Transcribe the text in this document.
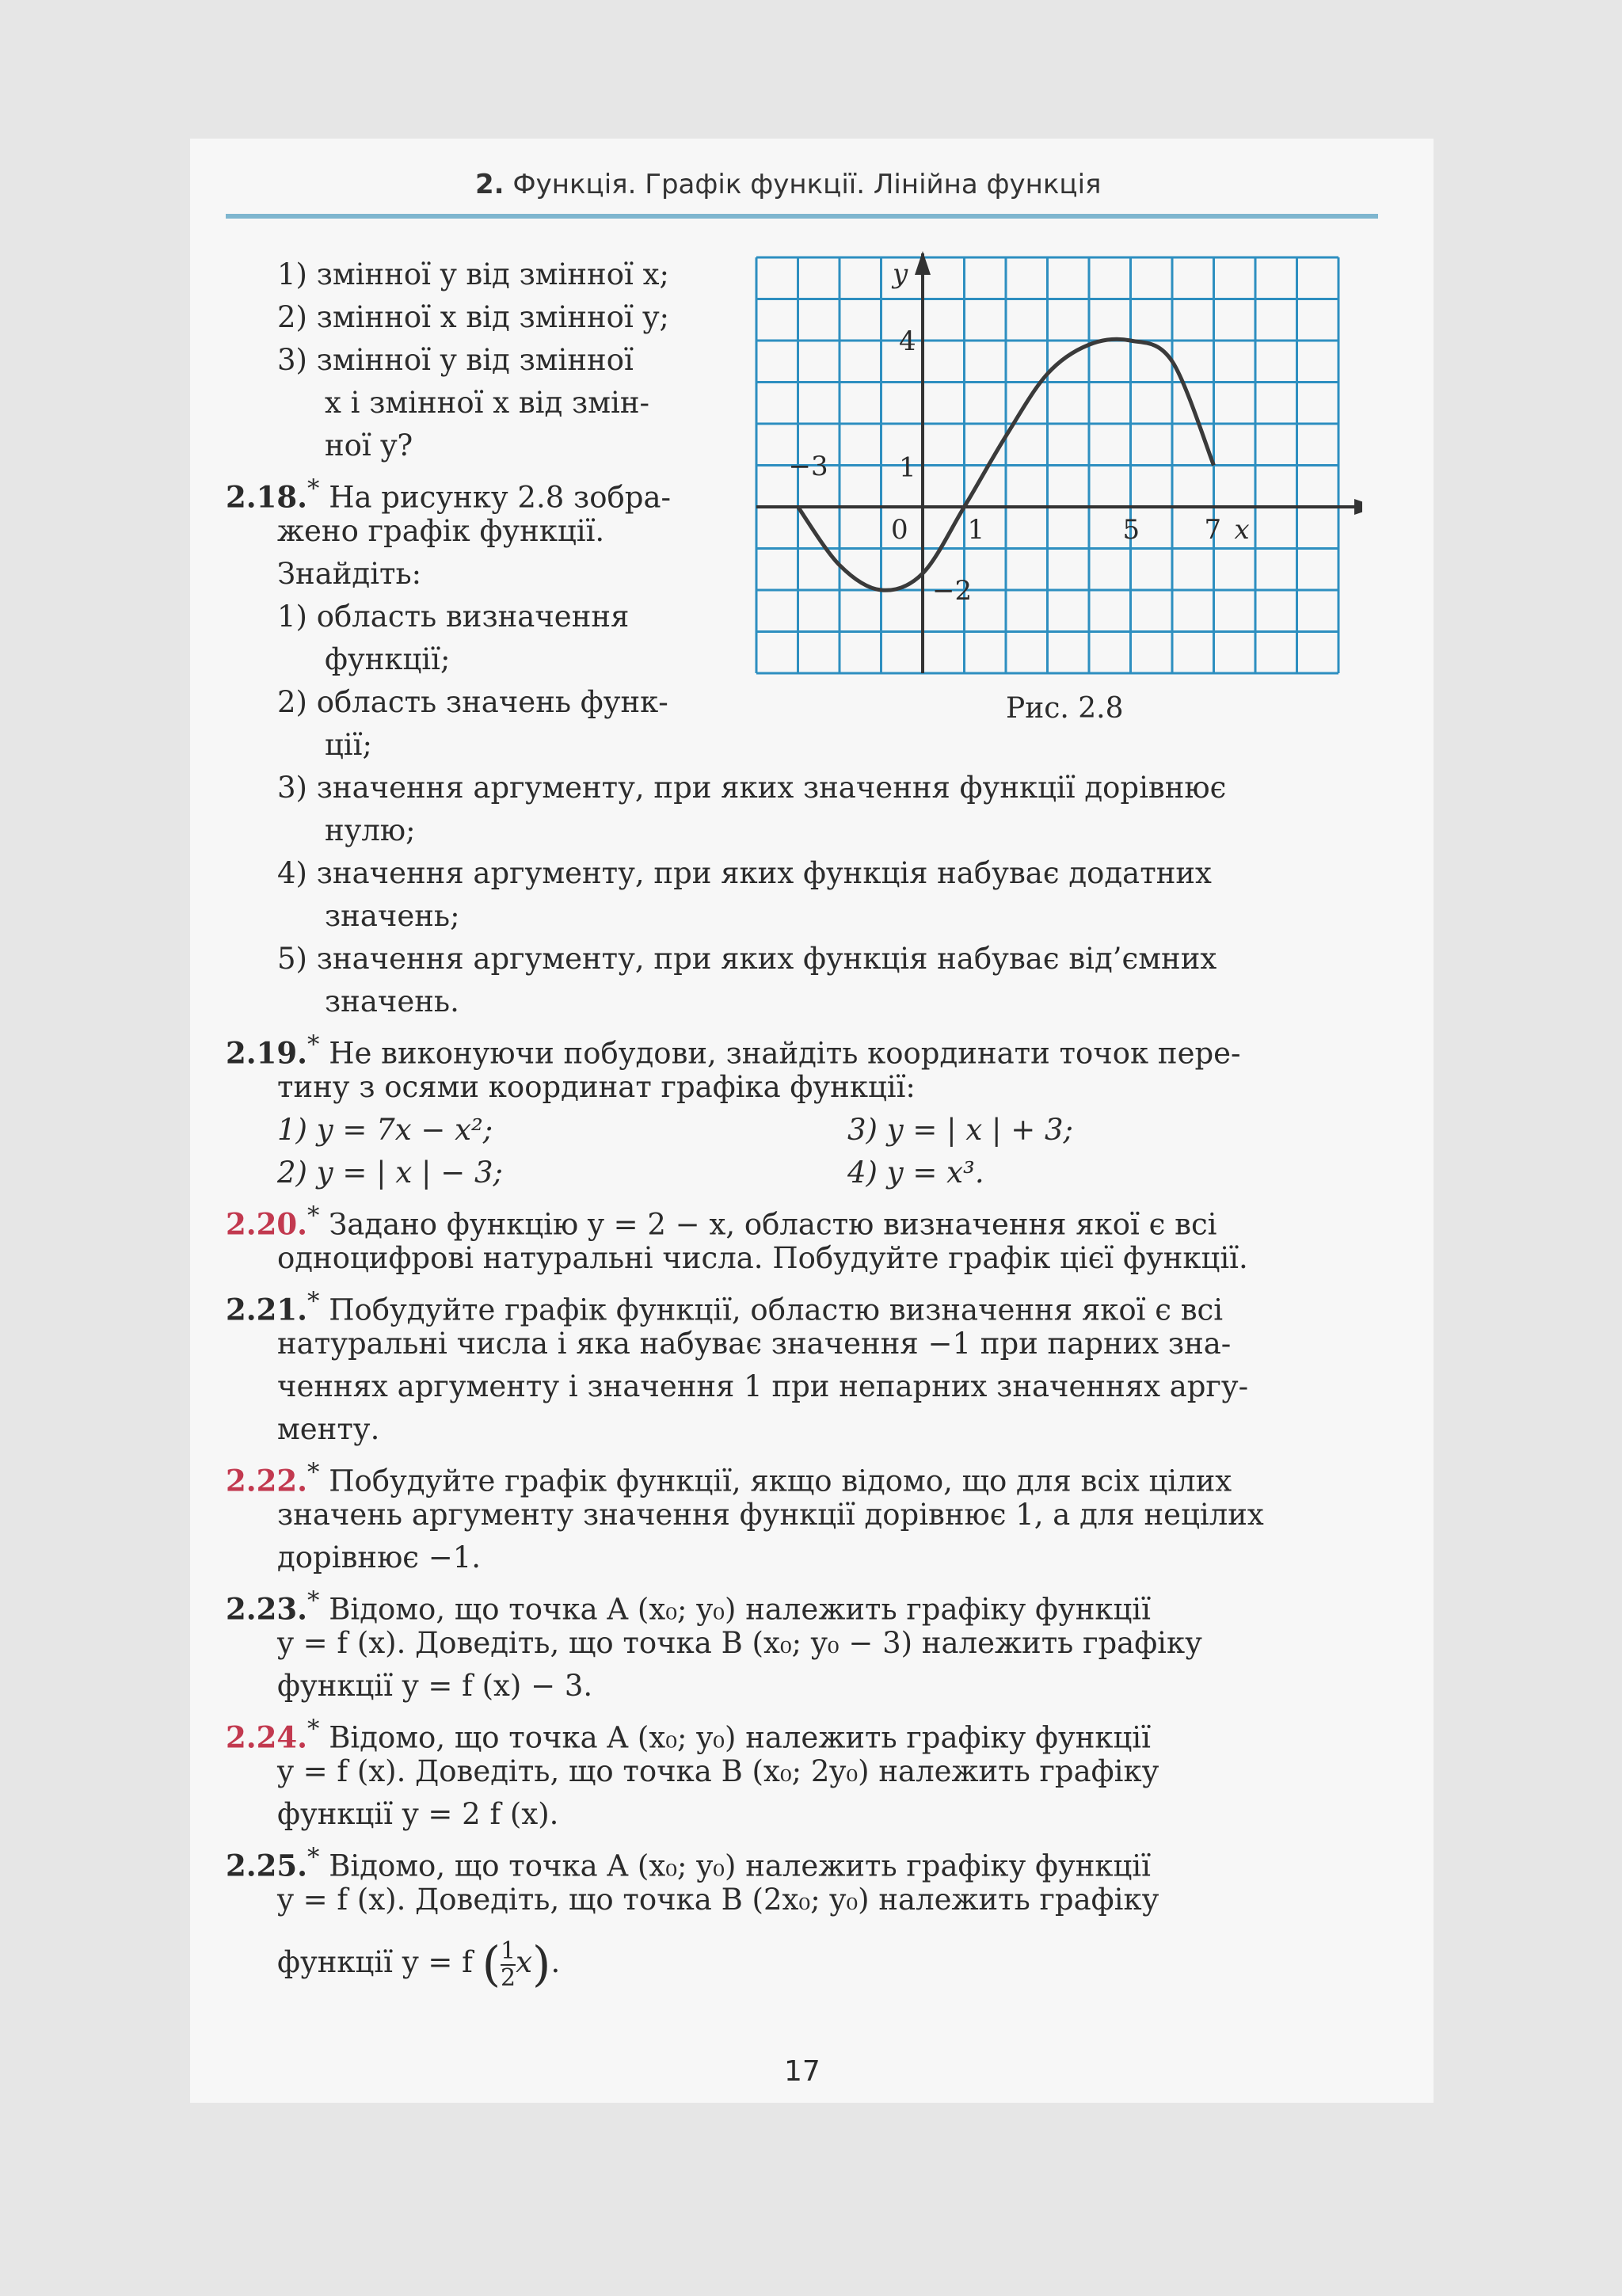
2. Функція. Графік функції. Лінійна функція
1) змінної y від змінної x;
2) змінної x від змінної y;
3) змінної y від змінної
x і змінної x від змін-
ної y?
2.18.* На рисунку 2.8 зобра-
жено графік функції.
Знайдіть:
1) область визначення
функції;
2) область значень функ-
ції;
3) значення аргументу, при яких значення функції дорівнює
нулю;
4) значення аргументу, при яких функція набуває додатних
значень;
5) значення аргументу, при яких функція набуває від’ємних
значень.
y
4
1
−3
0 1	5 7 x
−2
Рис. 2.8
2.19.* Не виконуючи побудови, знайдіть координати точок пере-
тину з осями координат графіка функції:
1) y = 7x − x²;
2) y = | x | − 3;
3) y = | x | + 3;
4) y = x³.
2.20.* Задано функцію y = 2 − x, областю визначення якої є всі
одноцифрові натуральні числа. Побудуйте графік цієї функції.
2.21.* Побудуйте графік функції, областю визначення якої є всі
натуральні числа і яка набуває значення −1 при парних зна-
ченнях аргументу і значення 1 при непарних значеннях аргу-
менту.
2.22.* Побудуйте графік функції, якщо відомо, що для всіх цілих
значень аргументу значення функції дорівнює 1, а для нецілих
дорівнює −1.
2.23.* Відомо, що точка A (x₀; y₀) належить графіку функції
y = f (x). Доведіть, що точка B (x₀; y₀ − 3) належить графіку
функції y = f (x) − 3.
2.24.* Відомо, що точка A (x₀; y₀) належить графіку функції
y = f (x). Доведіть, що точка B (x₀; 2y₀) належить графіку
функції y = 2 f (x).
2.25.* Відомо, що точка A (x₀; y₀) належить графіку функції
y = f (x). Доведіть, що точка B (2x₀; y₀) належить графіку
функції y = f ( $\frac{1}{2} x$).
17
